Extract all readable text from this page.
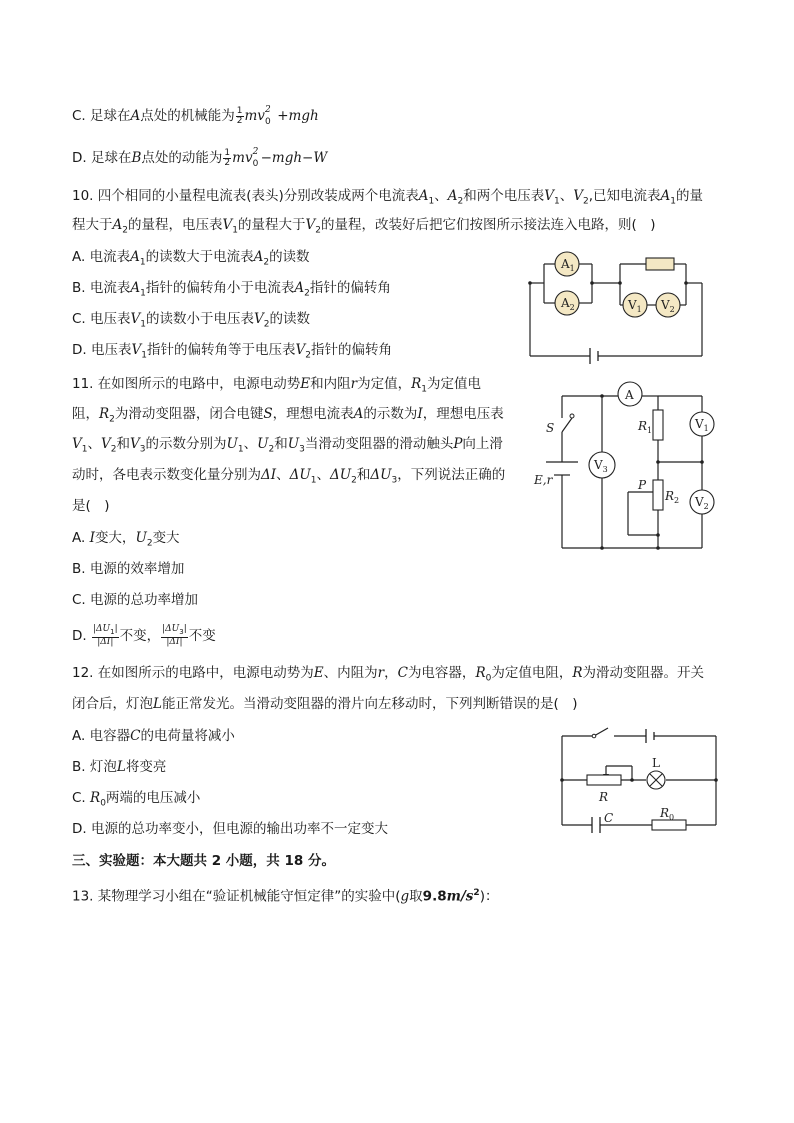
C. 足球在A点处的机械能为 $\frac{1}{2}$ mv 2
0 +mgh
D. 足球在B点处的动能为 $\frac{1}{2}$ mv 2
0 −mgh−W
10. 四个相同的小量程电流表(表头)分别改装成两个电流表$A_1$、$A_2$和两个电压表$V_1$、$V_2$,已知电流表$A_1$的量
程大于$A_2$的量程，电压表$V_1$的量程大于$V_2$的量程，改装好后把它们按图所示接法连入电路，则(　)
A. 电流表$A_1$的读数大于电流表$A_2$的读数
B. 电流表$A_1$指针的偏转角小于电流表$A_2$指针的偏转角
C. 电压表$V_1$的读数小于电压表$V_2$的读数
D. 电压表$V_1$指针的偏转角等于电压表$V_2$指针的偏转角
$A_1$
$A_2$	$V_1$ $V_2$
11. 在如图所示的电路中，电源电动势E和内阻r为定值，$R_1$为定值电
阻，$R_2$为滑动变阻器，闭合电键S，理想电流表A的示数为I，理想电压表
$V_1$、$V_2$和$V_3$的示数分别为$U_1$、$U_2$和$U_3$当滑动变阻器的滑动触头P向上滑
动时，各电表示数变化量分别为ΔI、$\Delta U_1$、$\Delta U_2$和$\Delta U_3$，下列说法正确的
是(　)
A. I变大，$U_2$变大
B. 电源的效率增加
C. 电源的总功率增加
D. $\frac{|\Delta U_1|}{|\Delta I|}$ 不变， $\frac{|\Delta U_3|}{|\Delta I|}$ 不变
A
$V_3$
$V_1$
$V_2$
$R_1$
$R_2$
P
S
E,r
12. 在如图所示的电路中，电源电动势为E、内阻为r，C为电容器，$R_0$为定值电阻，R为滑动变阻器。开关
闭合后，灯泡L能正常发光。当滑动变阻器的滑片向左移动时，下列判断错误的是(　)
A. 电容器C的电荷量将减小
B. 灯泡L将变亮
C. $R_0$两端的电压减小
D. 电源的总功率变小，但电源的输出功率不一定变大
L
R
C	$R_0$
三、实验题：本大题共 2 小题，共 18 分。
13. 某物理学习小组在“验证机械能守恒定律”的实验中(g取$9.8m/s^2$)：
